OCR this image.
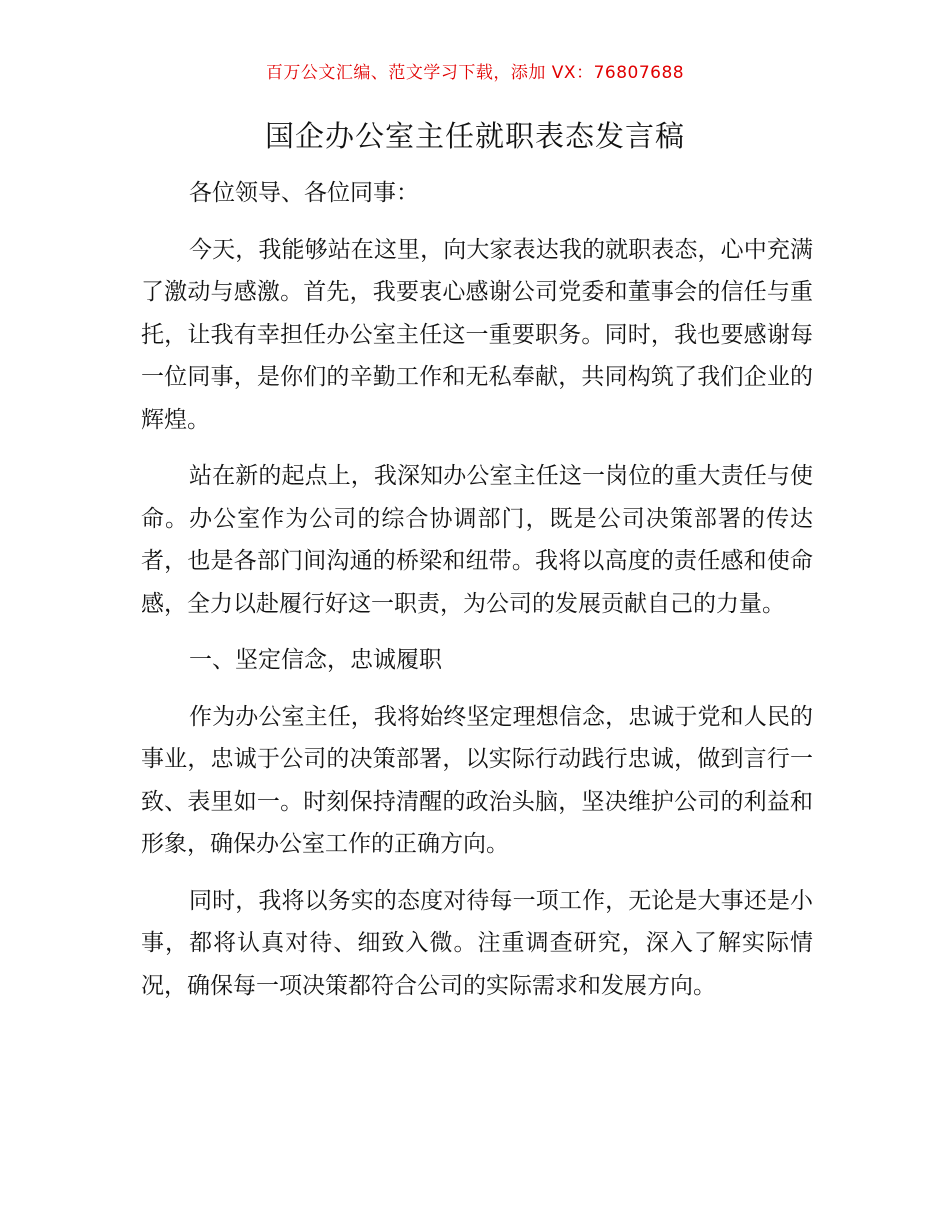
百万公文汇编、范文学习下载，添加 VX：76807688
国企办公室主任就职表态发言稿

各位领导、各位同事：

今天，我能够站在这里，向大家表达我的就职表态，心中充满了激动与感激。首先，我要衷心感谢公司党委和董事会的信任与重托，让我有幸担任办公室主任这一重要职务。同时，我也要感谢每一位同事，是你们的辛勤工作和无私奉献，共同构筑了我们企业的辉煌。

站在新的起点上，我深知办公室主任这一岗位的重大责任与使命。办公室作为公司的综合协调部门，既是公司决策部署的传达者，也是各部门间沟通的桥梁和纽带。我将以高度的责任感和使命感，全力以赴履行好这一职责，为公司的发展贡献自己的力量。

一、坚定信念，忠诚履职

作为办公室主任，我将始终坚定理想信念，忠诚于党和人民的事业，忠诚于公司的决策部署，以实际行动践行忠诚，做到言行一致、表里如一。时刻保持清醒的政治头脑，坚决维护公司的利益和形象，确保办公室工作的正确方向。

同时，我将以务实的态度对待每一项工作，无论是大事还是小事，都将认真对待、细致入微。注重调查研究，深入了解实际情况，确保每一项决策都符合公司的实际需求和发展方向。
